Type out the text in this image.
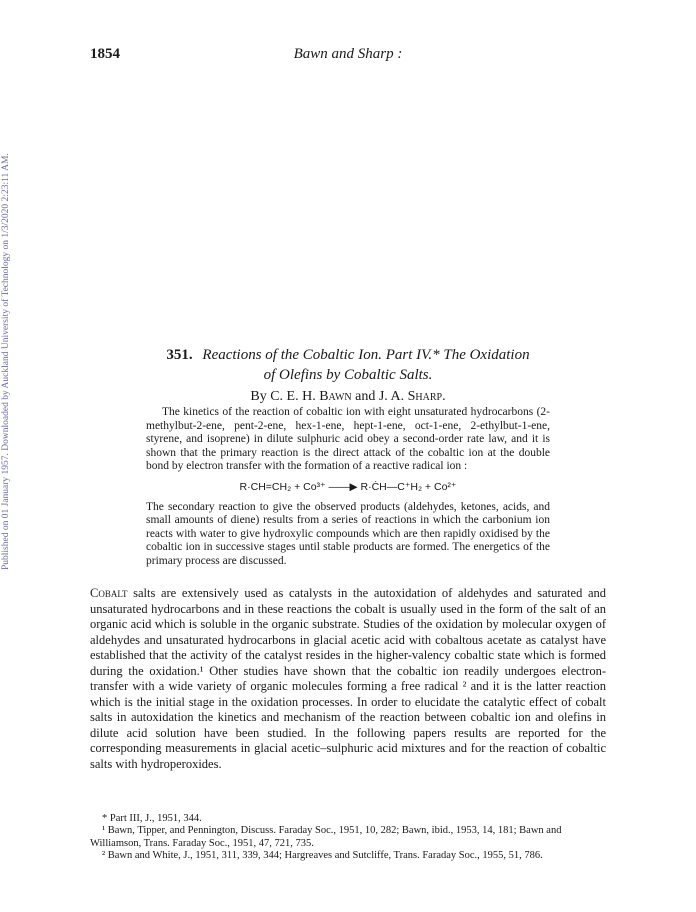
Published on 01 January 1957. Downloaded by Auckland University of Technology on 1/3/2020 2:23:11 AM.
1854	Bawn and Sharp :
351. Reactions of the Cobaltic Ion. Part IV.* The Oxidation
of Olefins by Cobaltic Salts.
By C. E. H. Bawn and J. A. Sharp.

The kinetics of the reaction of cobaltic ion with eight unsaturated hydrocarbons (2-methylbut-2-ene, pent-2-ene, hex-1-ene, hept-1-ene, oct-1-ene, 2-ethylbut-1-ene, styrene, and isoprene) in dilute sulphuric acid obey a second-order rate law, and it is shown that the primary reaction is the direct attack of the cobaltic ion at the double bond by electron transfer with the formation of a reactive radical ion :

R·CH=CH₂ + Co³⁺ ——▶ R·ĊH—C⁺H₂ + Co²⁺

The secondary reaction to give the observed products (aldehydes, ketones, acids, and small amounts of diene) results from a series of reactions in which the carbonium ion reacts with water to give hydroxylic compounds which are then rapidly oxidised by the cobaltic ion in successive stages until stable products are formed. The energetics of the primary process are discussed.

Cobalt salts are extensively used as catalysts in the autoxidation of aldehydes and saturated and unsaturated hydrocarbons and in these reactions the cobalt is usually used in the form of the salt of an organic acid which is soluble in the organic substrate. Studies of the oxidation by molecular oxygen of aldehydes and unsaturated hydrocarbons in glacial acetic acid with cobaltous acetate as catalyst have established that the activity of the catalyst resides in the higher-valency cobaltic state which is formed during the oxidation.¹ Other studies have shown that the cobaltic ion readily undergoes electron-transfer with a wide variety of organic molecules forming a free radical ² and it is the latter reaction which is the initial stage in the oxidation processes. In order to elucidate the catalytic effect of cobalt salts in autoxidation the kinetics and mechanism of the reaction between cobaltic ion and olefins in dilute acid solution have been studied. In the following papers results are reported for the corresponding measurements in glacial acetic–sulphuric acid mixtures and for the reaction of cobaltic salts with hydroperoxides.

* Part III, J., 1951, 344.

¹ Bawn, Tipper, and Pennington, Discuss. Faraday Soc., 1951, 10, 282; Bawn, ibid., 1953, 14, 181; Bawn and Williamson, Trans. Faraday Soc., 1951, 47, 721, 735.

² Bawn and White, J., 1951, 311, 339, 344; Hargreaves and Sutcliffe, Trans. Faraday Soc., 1955, 51, 786.
